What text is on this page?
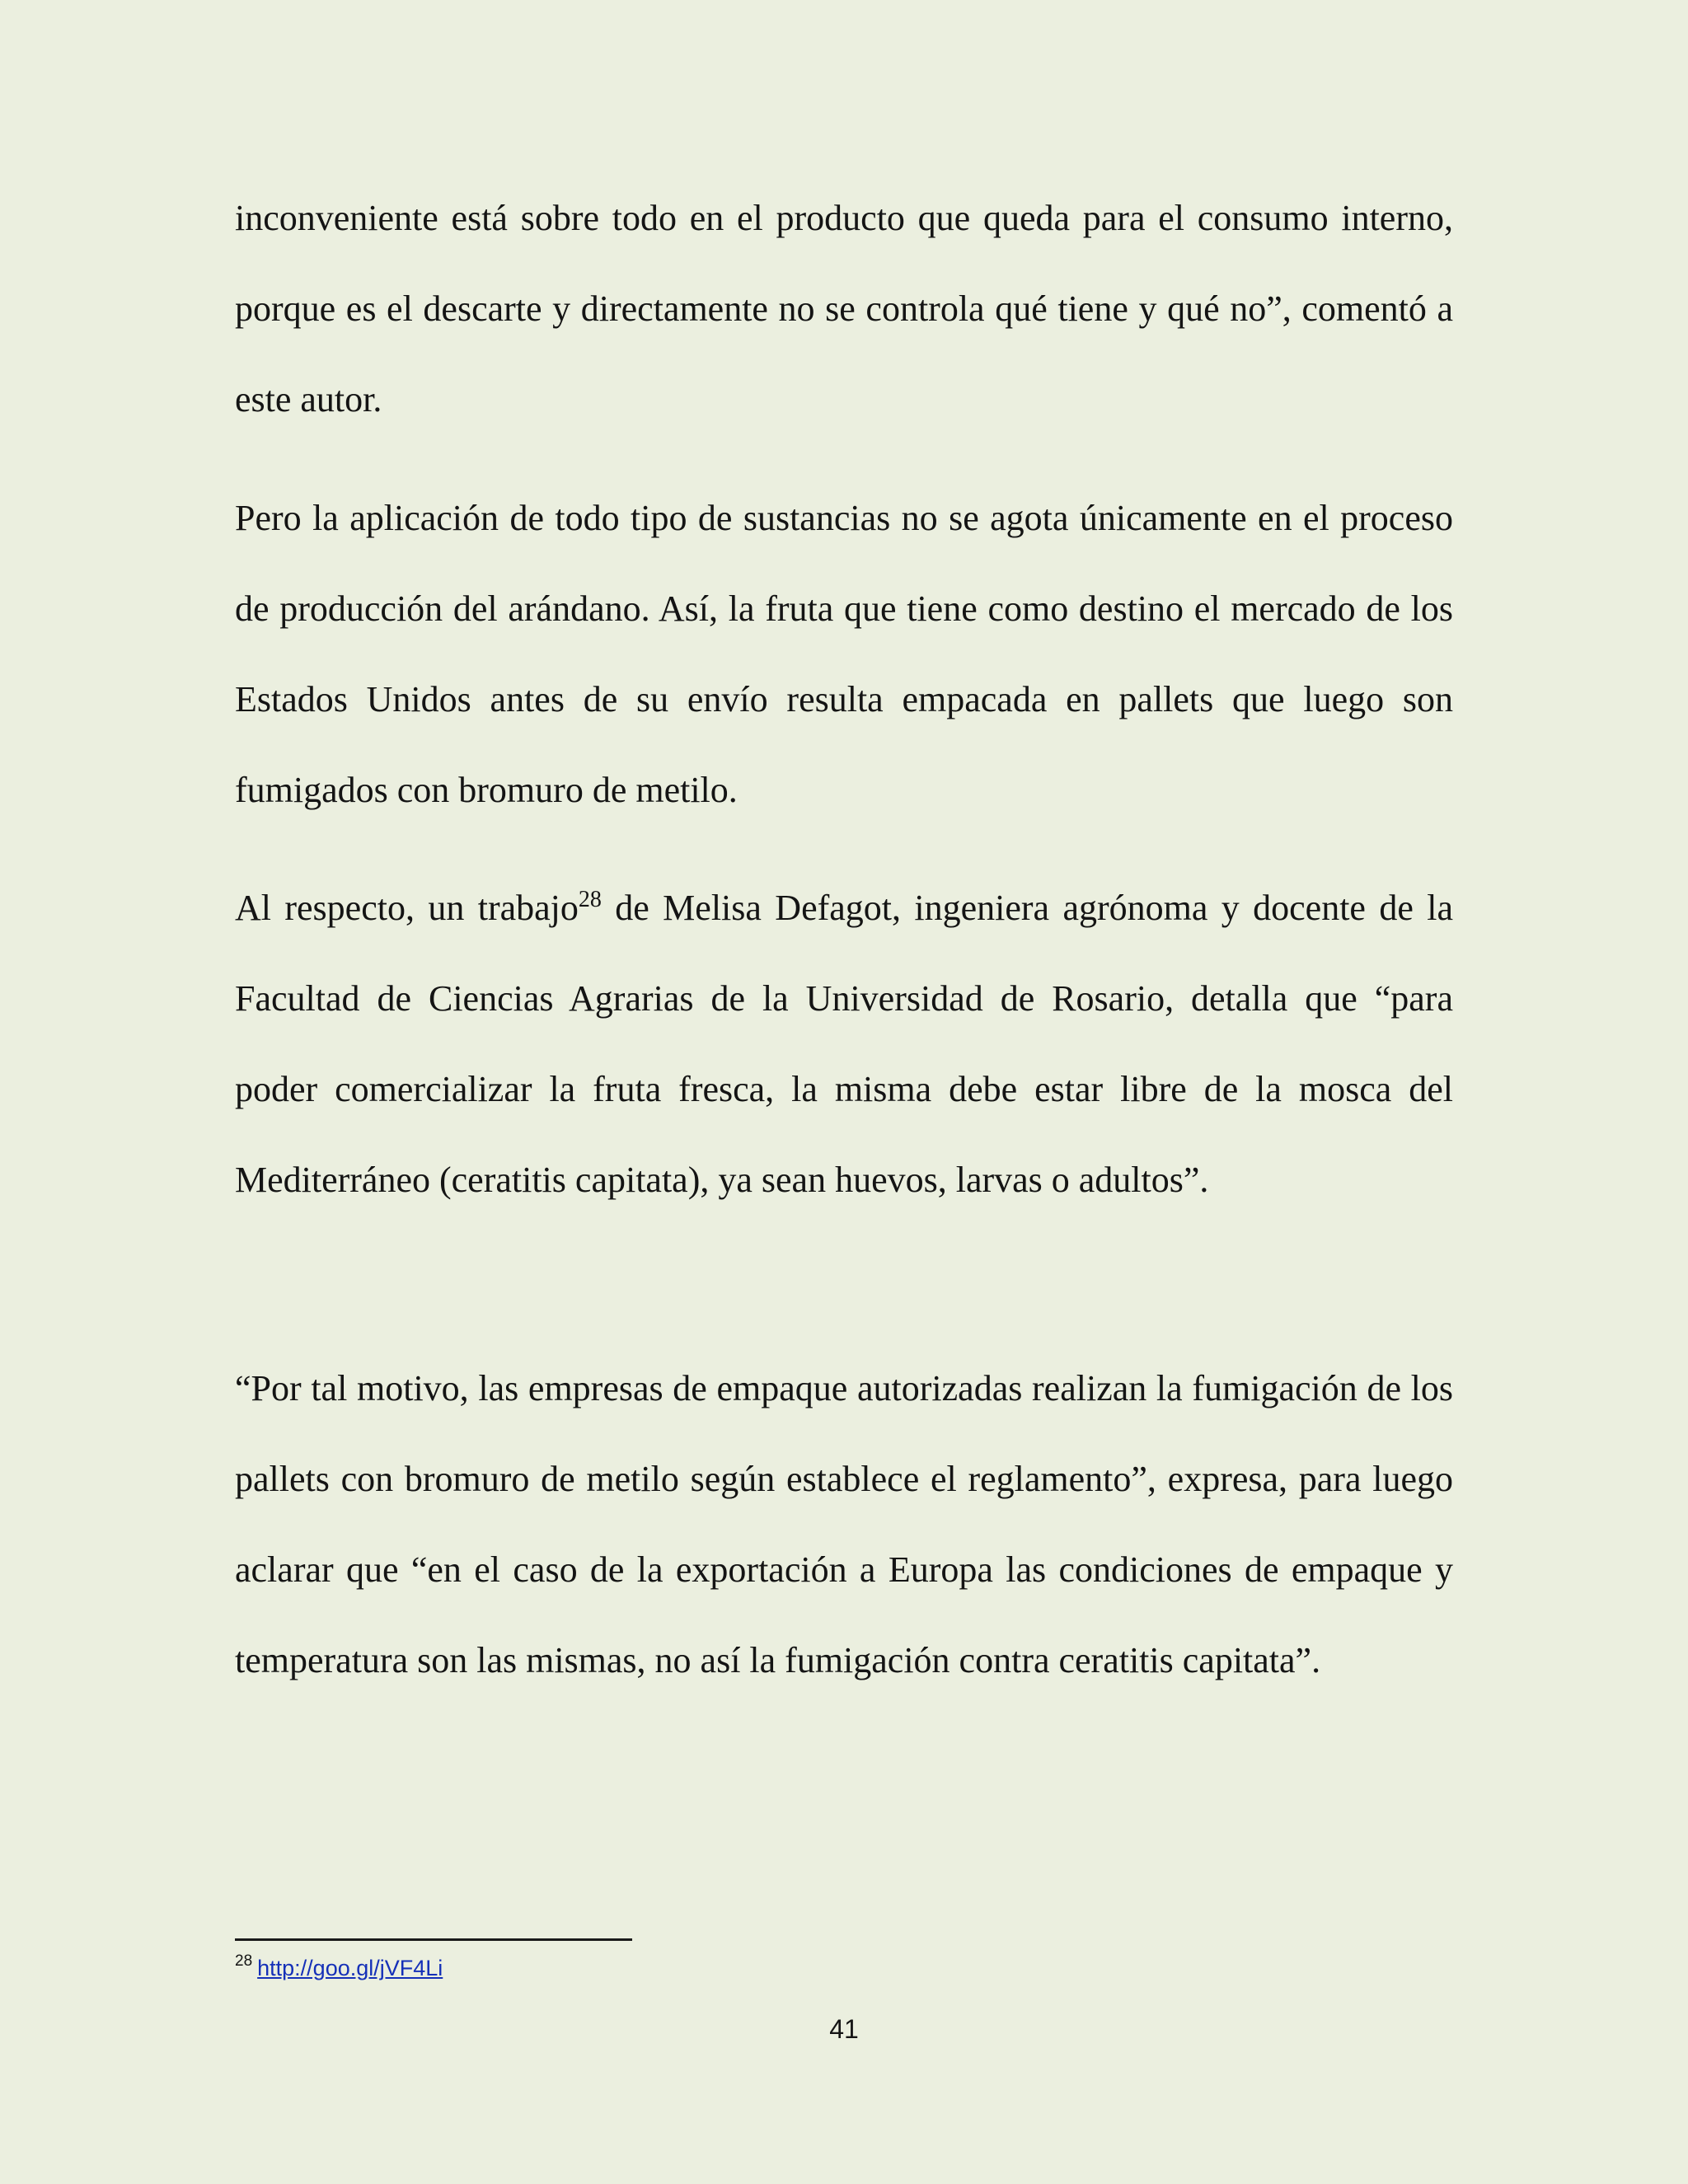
inconveniente está sobre todo en el producto que queda para el consumo interno, porque es el descarte y directamente no se controla qué tiene y qué no”, comentó a este autor.

Pero la aplicación de todo tipo de sustancias no se agota únicamente en el proceso de producción del arándano. Así, la fruta que tiene como destino el mercado de los Estados Unidos antes de su envío resulta empacada en pallets que luego son fumigados con bromuro de metilo.

Al respecto, un trabajo$^{28}$ de Melisa Defagot, ingeniera agrónoma y docente de la Facultad de Ciencias Agrarias de la Universidad de Rosario, detalla que “para poder comercializar la fruta fresca, la misma debe estar libre de la mosca del Mediterráneo (ceratitis capitata), ya sean huevos, larvas o adultos”.

“Por tal motivo, las empresas de empaque autorizadas realizan la fumigación de los pallets con bromuro de metilo según establece el reglamento”, expresa, para luego aclarar que “en el caso de la exportación a Europa las condiciones de empaque y temperatura son las mismas, no así la fumigación contra ceratitis capitata”.

$^{28}$ http://goo.gl/jVF4Li
41
